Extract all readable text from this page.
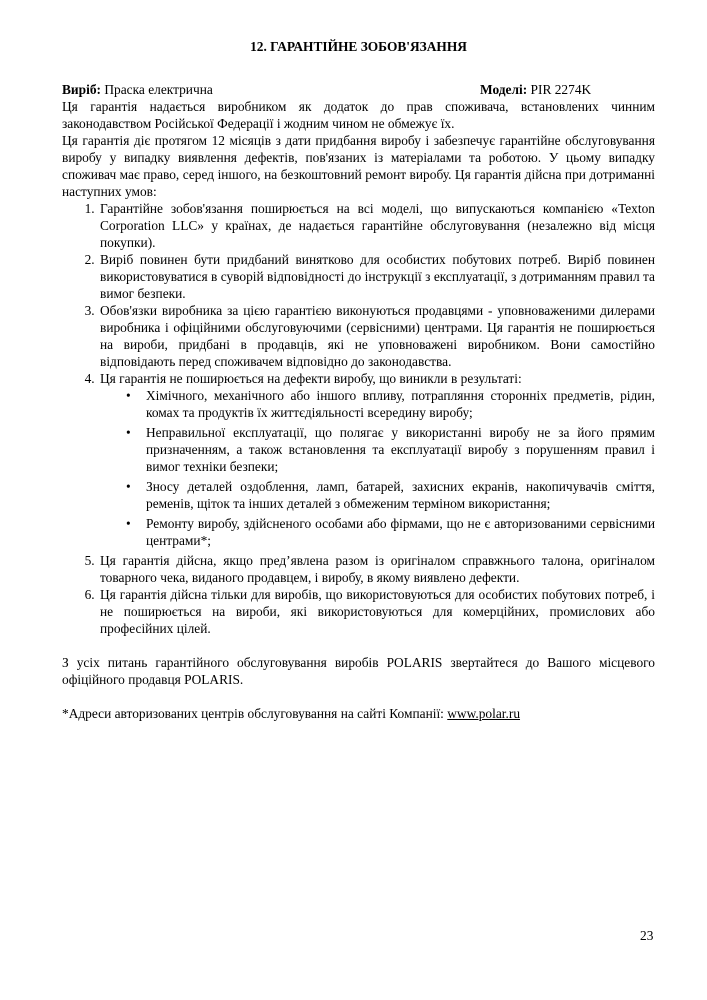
12. ГАРАНТІЙНЕ ЗОБОВ'ЯЗАННЯ
Виріб: Праска електрична	Моделі: PIR 2274K

Ця гарантія надається виробником як додаток до прав споживача, встановлених чинним законодавством Російської Федерації і жодним чином не обмежує їх.

Ця гарантія діє протягом 12 місяців з дати придбання виробу і забезпечує гарантійне обслуговування виробу у випадку виявлення дефектів, пов'язаних із матеріалами та роботою. У цьому випадку споживач має право, серед іншого, на безкоштовний ремонт виробу. Ця гарантія дійсна при дотриманні наступних умов:

1. Гарантійне зобов'язання поширюється на всі моделі, що випускаються компанією «Texton Corporation LLC» у країнах, де надається гарантійне обслуговування (незалежно від місця покупки).
2. Виріб повинен бути придбаний винятково для особистих побутових потреб. Виріб повинен використовуватися в суворій відповідності до інструкції з експлуатації, з дотриманням правил та вимог безпеки.
3. Обов'язки виробника за цією гарантією виконуються продавцями - уповноваженими дилерами виробника і офіційними обслуговуючими (сервісними) центрами. Ця гарантія не поширюється на вироби, придбані в продавців, які не уповноважені виробником. Вони самостійно відповідають перед споживачем відповідно до законодавства.
4. Ця гарантія не поширюється на дефекти виробу, що виникли в результаті:
• Хімічного, механічного або іншого впливу, потрапляння сторонніх предметів, рідин, комах та продуктів їх життєдіяльності всередину виробу;
• Неправильної експлуатації, що полягає у використанні виробу не за його прямим призначенням, а також встановлення та експлуатації виробу з порушенням правил і вимог техніки безпеки;
• Зносу деталей оздоблення, ламп, батарей, захисних екранів, накопичувачів сміття, ременів, щіток та інших деталей з обмеженим терміном використання;
• Ремонту виробу, здійсненого особами або фірмами, що не є авторизованими сервісними центрами*;
5. Ця гарантія дійсна, якщо пред’явлена разом із оригіналом справжнього талона, оригіналом товарного чека, виданого продавцем, і виробу, в якому виявлено дефекти.
6. Ця гарантія дійсна тільки для виробів, що використовуються для особистих побутових потреб, і не поширюється на вироби, які використовуються для комерційних, промислових або професійних цілей.

З усіх питань гарантійного обслуговування виробів POLARIS звертайтеся до Вашого місцевого офіційного продавця POLARIS.

*Адреси авторизованих центрів обслуговування на сайті Компанії: www.polar.ru

23
